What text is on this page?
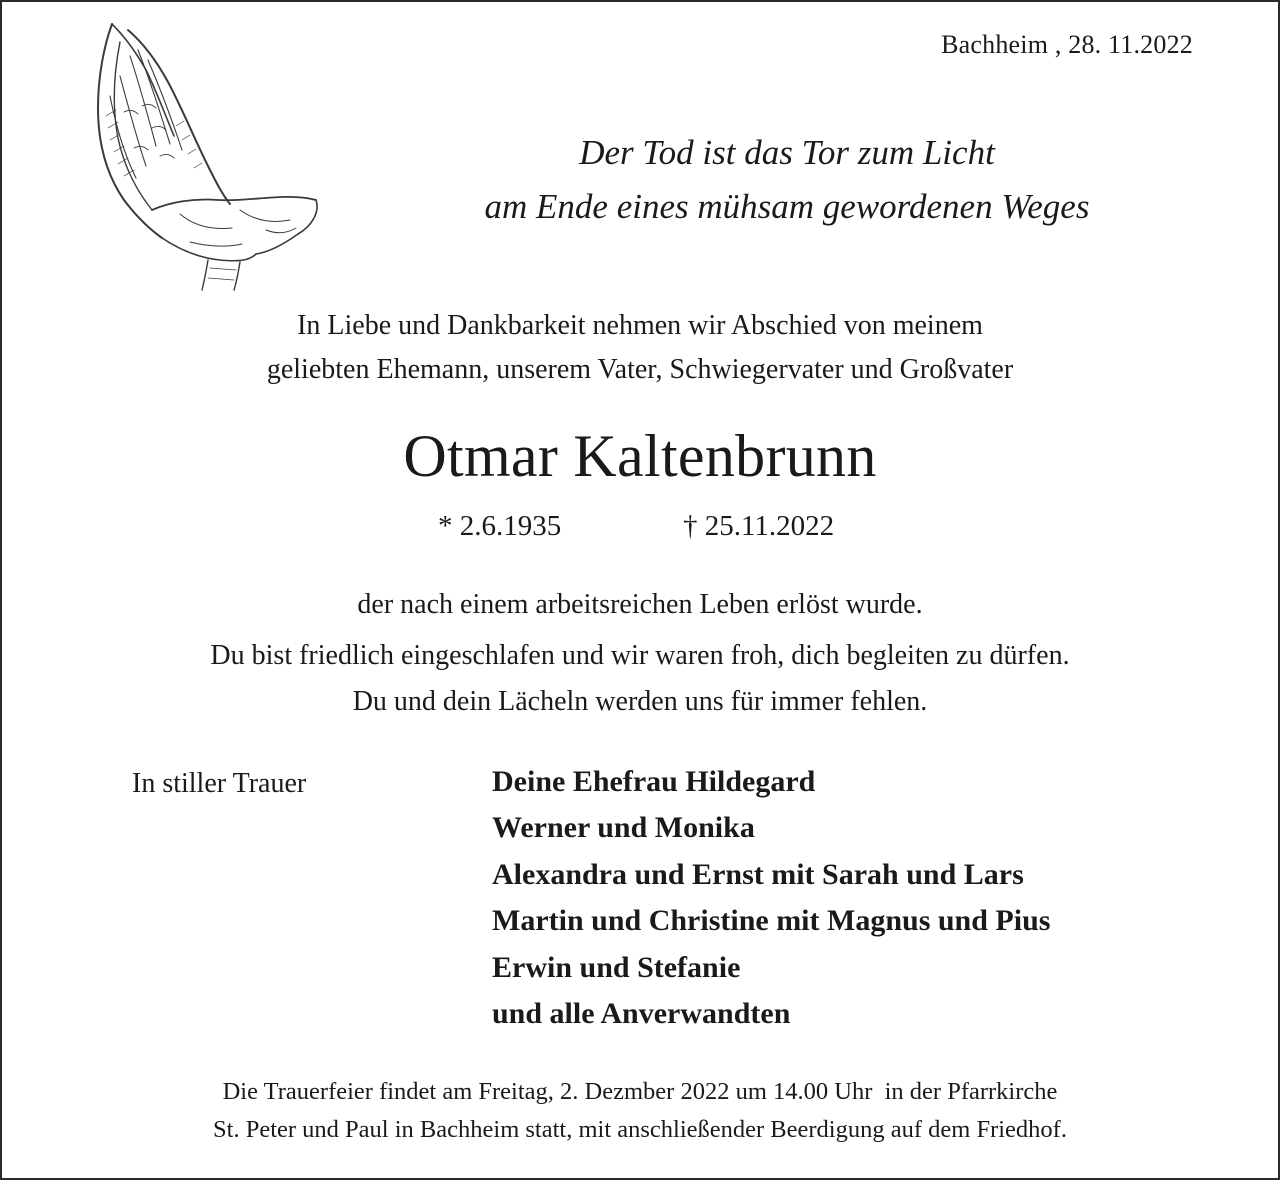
Bachheim , 28. 11.2022
Der Tod ist das Tor zum Licht
am Ende eines mühsam gewordenen Weges
In Liebe und Dankbarkeit nehmen wir Abschied von meinem
geliebten Ehemann, unserem Vater, Schwiegervater und Großvater
Otmar Kaltenbrunn
* 2.6.1935	† 25.11.2022
der nach einem arbeitsreichen Leben erlöst wurde.
Du bist friedlich eingeschlafen und wir waren froh, dich begleiten zu dürfen.
Du und dein Lächeln werden uns für immer fehlen.
In stiller Trauer	Deine Ehefrau Hildegard
Werner und Monika
Alexandra und Ernst mit Sarah und Lars
Martin und Christine mit Magnus und Pius
Erwin und Stefanie
und alle Anverwandten
Die Trauerfeier findet am Freitag, 2. Dezmber 2022 um 14.00 Uhr  in der Pfarrkirche
St. Peter und Paul in Bachheim statt, mit anschließender Beerdigung auf dem Friedhof.
